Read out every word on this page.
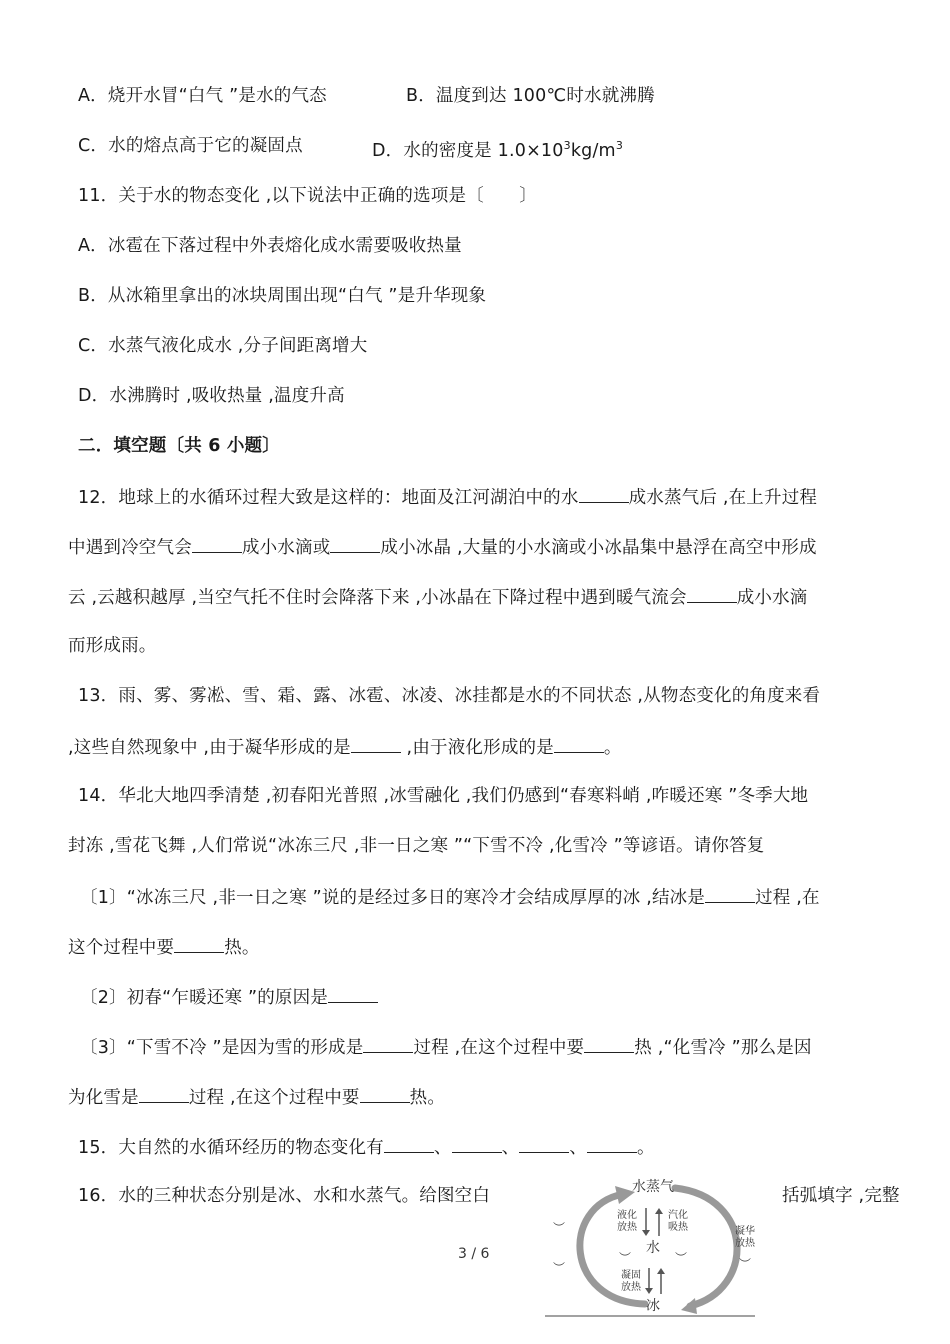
A．烧开水冒“白气 ”是水的气态	B．温度到达 100℃时水就沸腾
C．水的熔点高于它的凝固点	D．水的密度是 $1.0\times 10^3kg/m^3$
11．关于水的物态变化 ,以下说法中正确的选项是〔　　〕
A．冰雹在下落过程中外表熔化成水需要吸收热量
B．从冰箱里拿出的冰块周围出现“白气 ”是升华现象
C．水蒸气液化成水 ,分子间距离增大
D．水沸腾时 ,吸收热量 ,温度升高
二．填空题〔共 6 小题〕
12．地球上的水循环过程大致是这样的：地面及江河湖泊中的水	成水蒸气后 ,在上升过程
中遇到冷空气会	成小水滴或	成小冰晶 ,大量的小水滴或小冰晶集中悬浮在高空中形成
云 ,云越积越厚 ,当空气托不住时会降落下来 ,小冰晶在下降过程中遇到暖气流会	成小水滴
而形成雨。
13．雨、雾、雾凇、雪、霜、露、冰雹、冰凌、冰挂都是水的不同状态 ,从物态变化的角度来看
,这些自然现象中 ,由于凝华形成的是	,由于液化形成的是	。
14．华北大地四季清楚 ,初春阳光普照 ,冰雪融化 ,我们仍感到“春寒料峭 ,咋暖还寒 ”冬季大地
封冻 ,雪花飞舞 ,人们常说“冰冻三尺 ,非一日之寒 ”“下雪不冷 ,化雪冷 ”等谚语。请你答复
〔1〕“冰冻三尺 ,非一日之寒 ”说的是经过多日的寒冷才会结成厚厚的冰 ,结冰是	过程 ,在
这个过程中要	热。
〔2〕初春“乍暖还寒 ”的原因是
〔3〕“下雪不冷 ”是因为雪的形成是	过程 ,在这个过程中要	热 ,“化雪冷 ”那么是因
为化雪是	过程 ,在这个过程中要	热。
15．大自然的水循环经历的物态变化有	、	、	、	。
16．水的三种状态分别是冰、水和水蒸气。给图空白	括弧填字 ,完整
水蒸气
液化
放热
汽化
吸热	凝华
放热
水
︶	︶
︶
︶	︶
凝固
放热
冰
3 / 6
